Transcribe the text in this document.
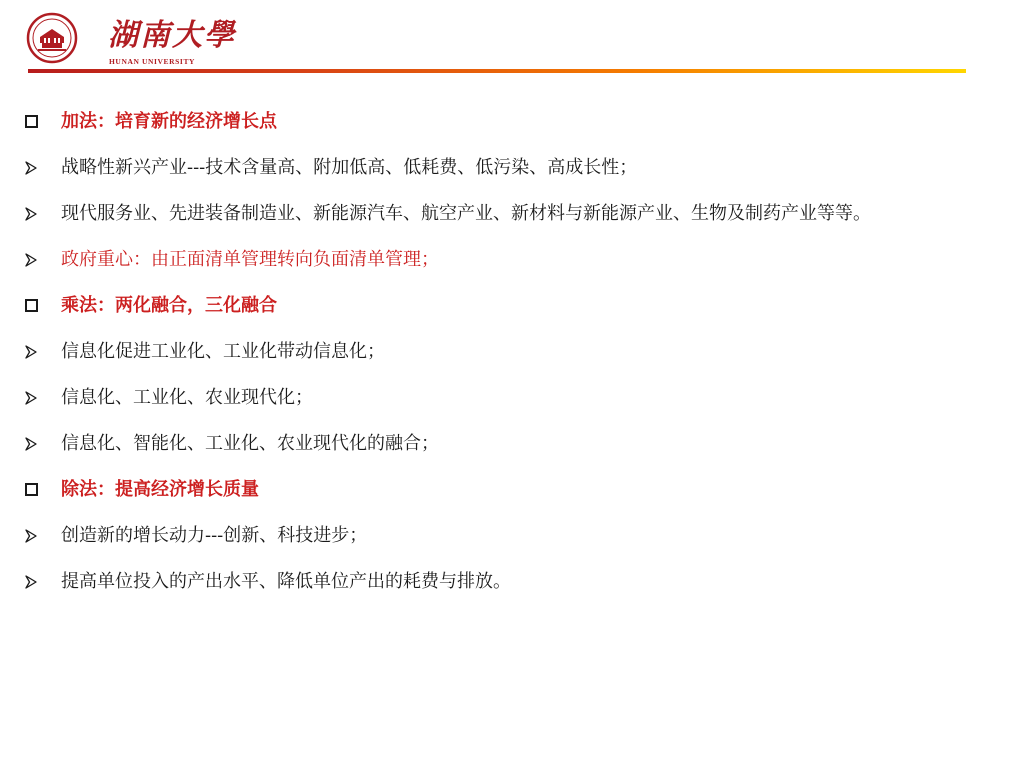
湖南大學
HUNAN UNIVERSITY
加法：培育新的经济增长点
战略性新兴产业---技术含量高、附加低高、低耗费、低污染、高成长性；
现代服务业、先进装备制造业、新能源汽车、航空产业、新材料与新能源产业、生物及制药产业等等。
政府重心：由正面清单管理转向负面清单管理；
乘法：两化融合，三化融合
信息化促进工业化、工业化带动信息化；
信息化、工业化、农业现代化；
信息化、智能化、工业化、农业现代化的融合；
除法：提高经济增长质量
创造新的增长动力---创新、科技进步；
提高单位投入的产出水平、降低单位产出的耗费与排放。
